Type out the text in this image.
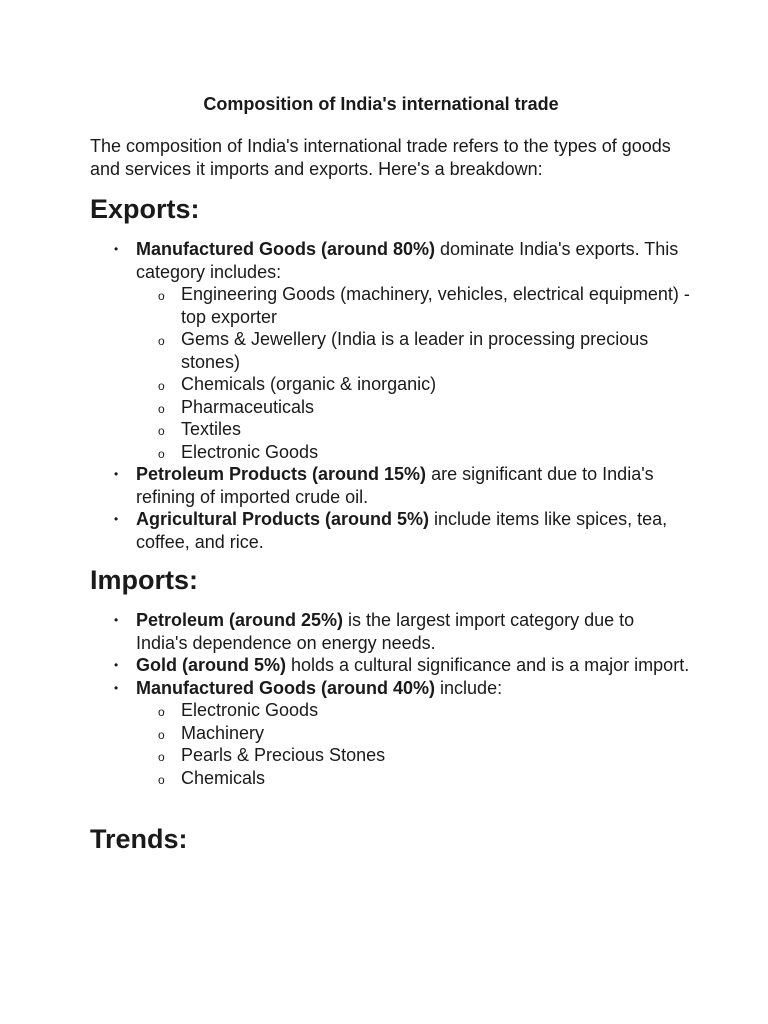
Composition of India's international trade

The composition of India's international trade refers to the types of goods and services it imports and exports. Here's a breakdown:

Exports:
• Manufactured Goods (around 80%) dominate India's exports. This category includes:
o Engineering Goods (machinery, vehicles, electrical equipment) - top exporter
o Gems & Jewellery (India is a leader in processing precious stones)
o Chemicals (organic & inorganic)
o Pharmaceuticals
o Textiles
o Electronic Goods
• Petroleum Products (around 15%) are significant due to India's refining of imported crude oil.
• Agricultural Products (around 5%) include items like spices, tea, coffee, and rice.
Imports:
• Petroleum (around 25%) is the largest import category due to India's dependence on energy needs.
• Gold (around 5%) holds a cultural significance and is a major import.
• Manufactured Goods (around 40%) include:
o Electronic Goods
o Machinery
o Pearls & Precious Stones
o Chemicals
Trends:
